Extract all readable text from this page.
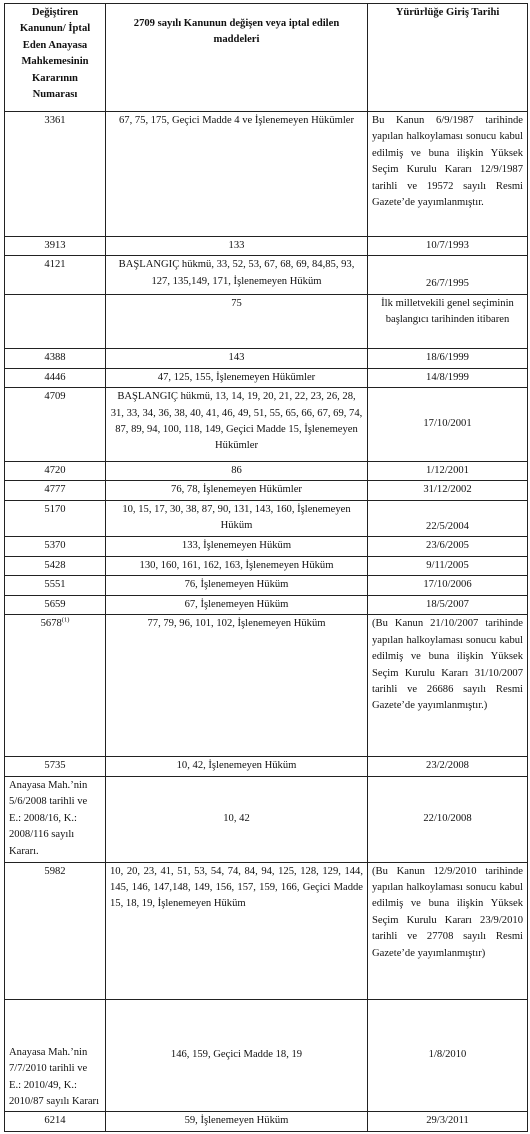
Değiştiren Kanunun/ İptal Eden Anayasa Mahkemesinin Kararının Numarası	2709 sayılı Kanunun değişen veya iptal edilen maddeleri	Yürürlüğe Giriş Tarihi
3361	67, 75, 175, Geçici Madde 4 ve İşlenemeyen Hükümler	Bu Kanun 6/9/1987 tarihinde yapılan halkoylaması sonucu kabul edilmiş ve buna ilişkin Yüksek Seçim Kurulu Kararı 12/9/1987 tarihli ve 19572 sayılı Resmi Gazete’de yayımlanmıştır.
3913	133	10/7/1993
4121	BAŞLANGIÇ hükmü, 33, 52, 53, 67, 68, 69, 84,85, 93, 127, 135,149, 171, İşlenemeyen Hüküm	26/7/1995
	75	İlk milletvekili genel seçiminin başlangıcı tarihinden itibaren
4388	143	18/6/1999
4446	47, 125, 155, İşlenemeyen Hükümler	14/8/1999
4709	BAŞLANGIÇ hükmü, 13, 14, 19, 20, 21, 22, 23, 26, 28, 31, 33, 34, 36, 38, 40, 41, 46, 49, 51, 55, 65, 66, 67, 69, 74, 87, 89, 94, 100, 118, 149, Geçici Madde 15, İşlenemeyen Hükümler	17/10/2001
4720	86	1/12/2001
4777	76, 78, İşlenemeyen Hükümler	31/12/2002
5170	10, 15, 17, 30, 38, 87, 90, 131, 143, 160, İşlenemeyen Hüküm	22/5/2004
5370	133, İşlenemeyen Hüküm	23/6/2005
5428	130, 160, 161, 162, 163, İşlenemeyen Hüküm	9/11/2005
5551	76, İşlenemeyen Hüküm	17/10/2006
5659	67, İşlenemeyen Hüküm	18/5/2007
5678$^{(1)}$	77, 79, 96, 101, 102, İşlenemeyen Hüküm	(Bu Kanun 21/10/2007 tarihinde yapılan halkoylaması sonucu kabul edilmiş ve buna ilişkin Yüksek Seçim Kurulu Kararı 31/10/2007 tarihli ve 26686 sayılı Resmi Gazete’de yayımlanmıştır.)
5735	10, 42, İşlenemeyen Hüküm	23/2/2008
Anayasa Mah.’nin 5/6/2008 tarihli ve E.: 2008/16, K.: 2008/116 sayılı Kararı.	10, 42	22/10/2008
5982	10, 20, 23, 41, 51, 53, 54, 74, 84, 94, 125, 128, 129, 144, 145, 146, 147,148, 149, 156, 157, 159, 166, Geçici Madde 15, 18, 19, İşlenemeyen Hüküm	(Bu Kanun 12/9/2010 tarihinde yapılan halkoylaması sonucu kabul edilmiş ve buna ilişkin Yüksek Seçim Kurulu Kararı 23/9/2010 tarihli ve 27708 sayılı Resmi Gazete’de yayımlanmıştır)
Anayasa Mah.’nin 7/7/2010 tarihli ve E.: 2010/49, K.: 2010/87 sayılı Kararı	146, 159, Geçici Madde 18, 19	1/8/2010
6214	59, İşlenemeyen Hüküm	29/3/2011
